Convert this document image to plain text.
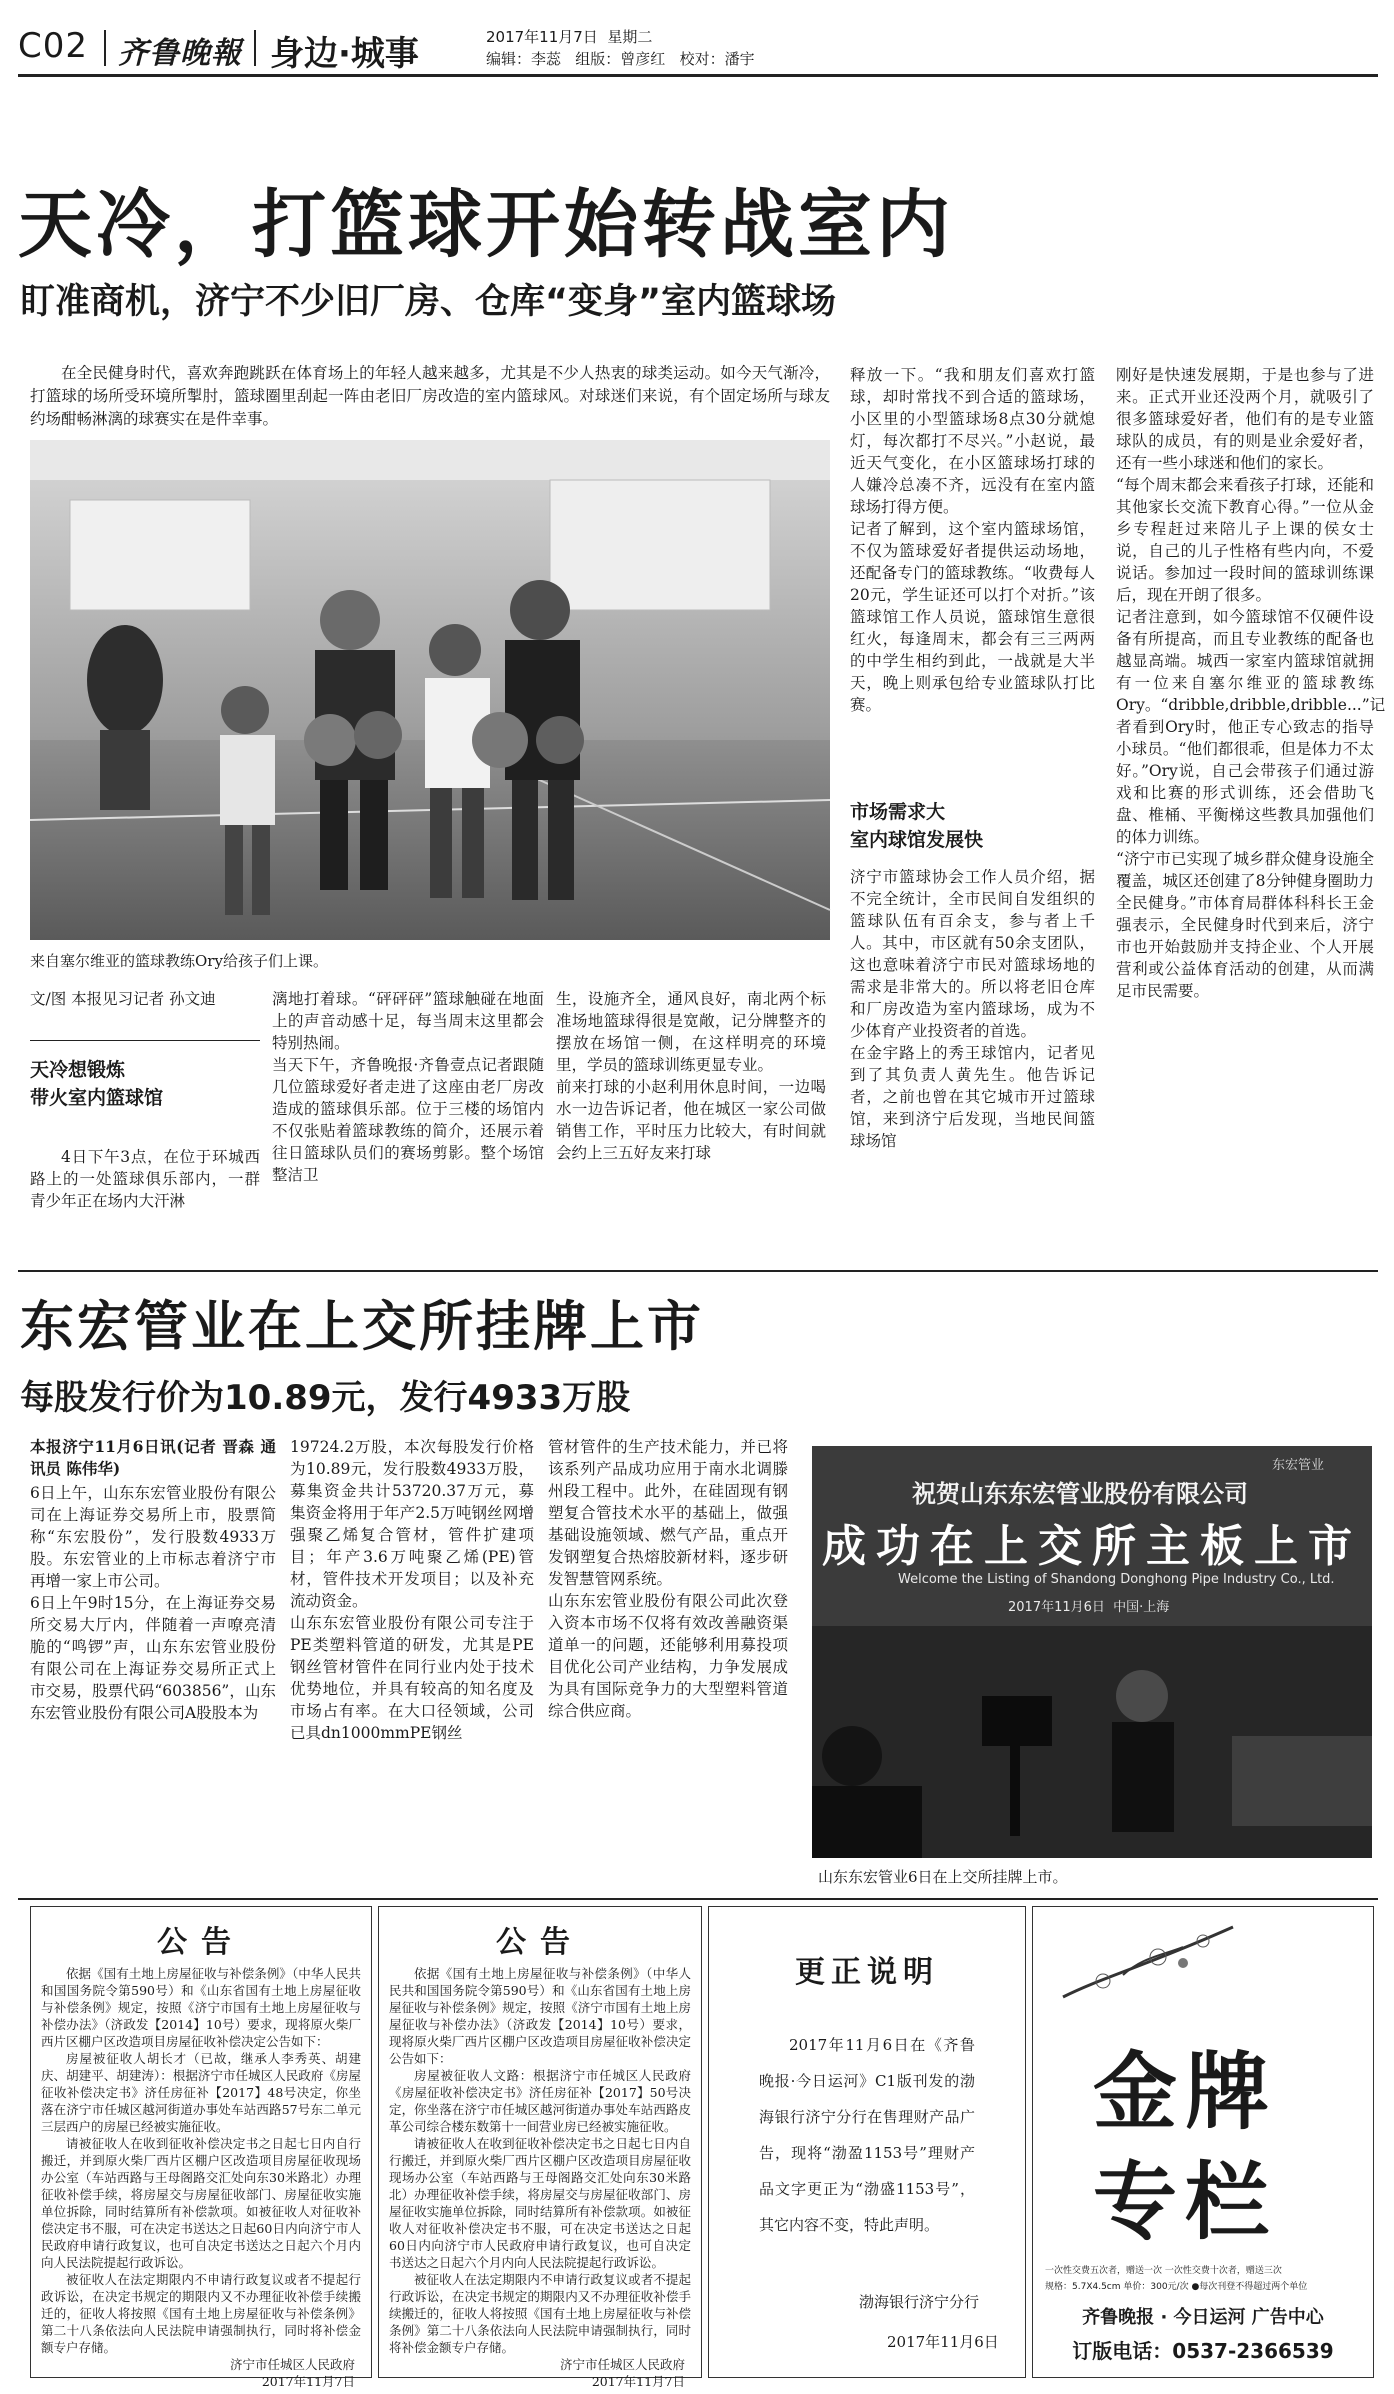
C02 齐鲁晚報 身边·城事	2017年11月7日  星期二
编辑：李蕊   组版：曾彦红   校对：潘宇
天冷，打篮球开始转战室内
盯准商机，济宁不少旧厂房、仓库“变身”室内篮球场
在全民健身时代，喜欢奔跑跳跃在体育场上的年轻人越来越多，尤其是不少人热衷的球类运动。如今天气渐冷，打篮球的场所受环境所掣肘，篮球圈里刮起一阵由老旧厂房改造的室内篮球风。对球迷们来说，有个固定场所与球友约场酣畅淋漓的球赛实在是件幸事。
来自塞尔维亚的篮球教练Ory给孩子们上课。
文/图 本报见习记者 孙文迪
天冷想锻炼
带火室内篮球馆
4日下午3点，在位于环城西路上的一处篮球俱乐部内，一群青少年正在场内大汗淋
漓地打着球。“砰砰砰”篮球触碰在地面上的声音动感十足，每当周末这里都会特别热闹。
当天下午，齐鲁晚报·齐鲁壹点记者跟随几位篮球爱好者走进了这座由老厂房改造成的篮球俱乐部。位于三楼的场馆内不仅张贴着篮球教练的简介，还展示着往日篮球队员们的赛场剪影。整个场馆整洁卫
生，设施齐全，通风良好，南北两个标准场地篮球得很是宽敞，记分牌整齐的摆放在场馆一侧，在这样明亮的环境里，学员的篮球训练更显专业。
前来打球的小赵利用休息时间，一边喝水一边告诉记者，他在城区一家公司做销售工作，平时压力比较大，有时间就会约上三五好友来打球
释放一下。“我和朋友们喜欢打篮球，却时常找不到合适的篮球场，小区里的小型篮球场8点30分就熄灯，每次都打不尽兴。”小赵说，最近天气变化，在小区篮球场打球的人嫌冷总凑不齐，远没有在室内篮球场打得方便。
记者了解到，这个室内篮球场馆，不仅为篮球爱好者提供运动场地，还配备专门的篮球教练。“收费每人20元，学生证还可以打个对折。”该篮球馆工作人员说，篮球馆生意很红火，每逢周末，都会有三三两两的中学生相约到此，一战就是大半天，晚上则承包给专业篮球队打比赛。
市场需求大
室内球馆发展快
济宁市篮球协会工作人员介绍，据不完全统计，全市民间自发组织的篮球队伍有百余支，参与者上千人。其中，市区就有50余支团队，这也意味着济宁市民对篮球场地的需求是非常大的。所以将老旧仓库和厂房改造为室内篮球场，成为不少体育产业投资者的首选。
在金宇路上的秀王球馆内，记者见到了其负责人黄先生。他告诉记者，之前也曾在其它城市开过篮球馆，来到济宁后发现，当地民间篮球场馆
刚好是快速发展期，于是也参与了进来。正式开业还没两个月，就吸引了很多篮球爱好者，他们有的是专业篮球队的成员，有的则是业余爱好者，还有一些小球迷和他们的家长。
“每个周末都会来看孩子打球，还能和其他家长交流下教育心得。”一位从金乡专程赶过来陪儿子上课的侯女士说，自己的儿子性格有些内向，不爱说话。参加过一段时间的篮球训练课后，现在开朗了很多。
记者注意到，如今篮球馆不仅硬件设备有所提高，而且专业教练的配备也越显高端。城西一家室内篮球馆就拥有一位来自塞尔维亚的篮球教练Ory。“dribble,dribble,dribble...”记者看到Ory时，他正专心致志的指导小球员。“他们都很乖，但是体力不太好。”Ory说，自己会带孩子们通过游戏和比赛的形式训练，还会借助飞盘、椎桶、平衡梯这些教具加强他们的体力训练。
“济宁市已实现了城乡群众健身设施全覆盖，城区还创建了8分钟健身圈助力全民健身。”市体育局群体科科长王金强表示，全民健身时代到来后，济宁市也开始鼓励并支持企业、个人开展营利或公益体育活动的创建，从而满足市民需要。
东宏管业在上交所挂牌上市
每股发行价为10.89元，发行4933万股
本报济宁11月6日讯(记者 晋森 通讯员 陈伟华)
6日上午，山东东宏管业股份有限公司在上海证券交易所上市，股票简称“东宏股份”，发行股数4933万股。东宏管业的上市标志着济宁市再增一家上市公司。
6日上午9时15分，在上海证券交易所交易大厅内，伴随着一声嘹亮清脆的“鸣锣”声，山东东宏管业股份有限公司在上海证券交易所正式上市交易，股票代码“603856”，山东东宏管业股份有限公司A股股本为
19724.2万股，本次每股发行价格为10.89元，发行股数4933万股，募集资金共计53720.37万元，募集资金将用于年产2.5万吨钢丝网增强聚乙烯复合管材，管件扩建项目；年产3.6万吨聚乙烯(PE)管材，管件技术开发项目；以及补充流动资金。
山东东宏管业股份有限公司专注于PE类塑料管道的研发，尤其是PE钢丝管材管件在同行业内处于技术优势地位，并具有较高的知名度及市场占有率。在大口径领域，公司已具dn1000mmPE钢丝
管材管件的生产技术能力，并已将该系列产品成功应用于南水北调滕州段工程中。此外，在硅固现有钢塑复合管技术水平的基础上，做强基础设施领域、燃气产品，重点开发钢塑复合热熔胶新材料，逐步研发智慧管网系统。
山东东宏管业股份有限公司此次登入资本市场不仅将有效改善融资渠道单一的问题，还能够利用募投项目优化公司产业结构，力争发展成为具有国际竞争力的大型塑料管道综合供应商。
东宏管业
祝贺山东东宏管业股份有限公司
成功在上交所主板上市
Welcome the Listing of Shandong Donghong Pipe Industry Co., Ltd.
2017年11月6日  中国·上海
山东东宏管业6日在上交所挂牌上市。
公告

依据《国有土地上房屋征收与补偿条例》（中华人民共和国国务院令第590号）和《山东省国有土地上房屋征收与补偿条例》规定，按照《济宁市国有土地上房屋征收与补偿办法》（济政发【2014】10号）要求，现将原火柴厂西片区棚户区改造项目房屋征收补偿决定公告如下：

房屋被征收人胡长才（已故，继承人李秀英、胡建庆、胡建平、胡建涛）：根据济宁市任城区人民政府《房屋征收补偿决定书》济任房征补【2017】48号决定，你坐落在济宁市任城区越河街道办事处车站西路57号东二单元三层西户的房屋已经被实施征收。

请被征收人在收到征收补偿决定书之日起七日内自行搬迁，并到原火柴厂西片区棚户区改造项目房屋征收现场办公室（车站西路与王母阁路交汇处向东30米路北）办理征收补偿手续，将房屋交与房屋征收部门、房屋征收实施单位拆除，同时结算所有补偿款项。如被征收人对征收补偿决定书不服，可在决定书送达之日起60日内向济宁市人民政府申请行政复议，也可自决定书送达之日起六个月内向人民法院提起行政诉讼。

被征收人在法定期限内不申请行政复议或者不提起行政诉讼，在决定书规定的期限内又不办理征收补偿手续搬迁的，征收人将按照《国有土地上房屋征收与补偿条例》第二十八条依法向人民法院申请强制执行，同时将补偿金额专户存储。

济宁市任城区人民政府
2017年11月7日
公告

依据《国有土地上房屋征收与补偿条例》（中华人民共和国国务院令第590号）和《山东省国有土地上房屋征收与补偿条例》规定，按照《济宁市国有土地上房屋征收与补偿办法》（济政发【2014】10号）要求，现将原火柴厂西片区棚户区改造项目房屋征收补偿决定公告如下：

房屋被征收人文路：根据济宁市任城区人民政府《房屋征收补偿决定书》济任房征补【2017】50号决定，你坐落在济宁市任城区越河街道办事处车站西路皮革公司综合楼东数第十一间营业房已经被实施征收。

请被征收人在收到征收补偿决定书之日起七日内自行搬迁，并到原火柴厂西片区棚户区改造项目房屋征收现场办公室（车站西路与王母阁路交汇处向东30米路北）办理征收补偿手续，将房屋交与房屋征收部门、房屋征收实施单位拆除，同时结算所有补偿款项。如被征收人对征收补偿决定书不服，可在决定书送达之日起60日内向济宁市人民政府申请行政复议，也可自决定书送达之日起六个月内向人民法院提起行政诉讼。

被征收人在法定期限内不申请行政复议或者不提起行政诉讼，在决定书规定的期限内又不办理征收补偿手续搬迁的，征收人将按照《国有土地上房屋征收与补偿条例》第二十八条依法向人民法院申请强制执行，同时将补偿金额专户存储。

济宁市任城区人民政府
2017年11月7日
更正说明
2017年11月6日在《齐鲁晚报·今日运河》C1版刊发的渤海银行济宁分行在售理财产品广告，现将“渤盈1153号”理财产品文字更正为“渤盛1153号”，其它内容不变，特此声明。
渤海银行济宁分行
2017年11月6日
金牌
专栏
一次性交费五次者，赠送一次 一次性交费十次者，赠送三次
规格：5.7X4.5cm 单价：300元/次 ●每次刊登不得超过两个单位
齐鲁晚报 · 今日运河 广告中心
订版电话：0537-2366539
